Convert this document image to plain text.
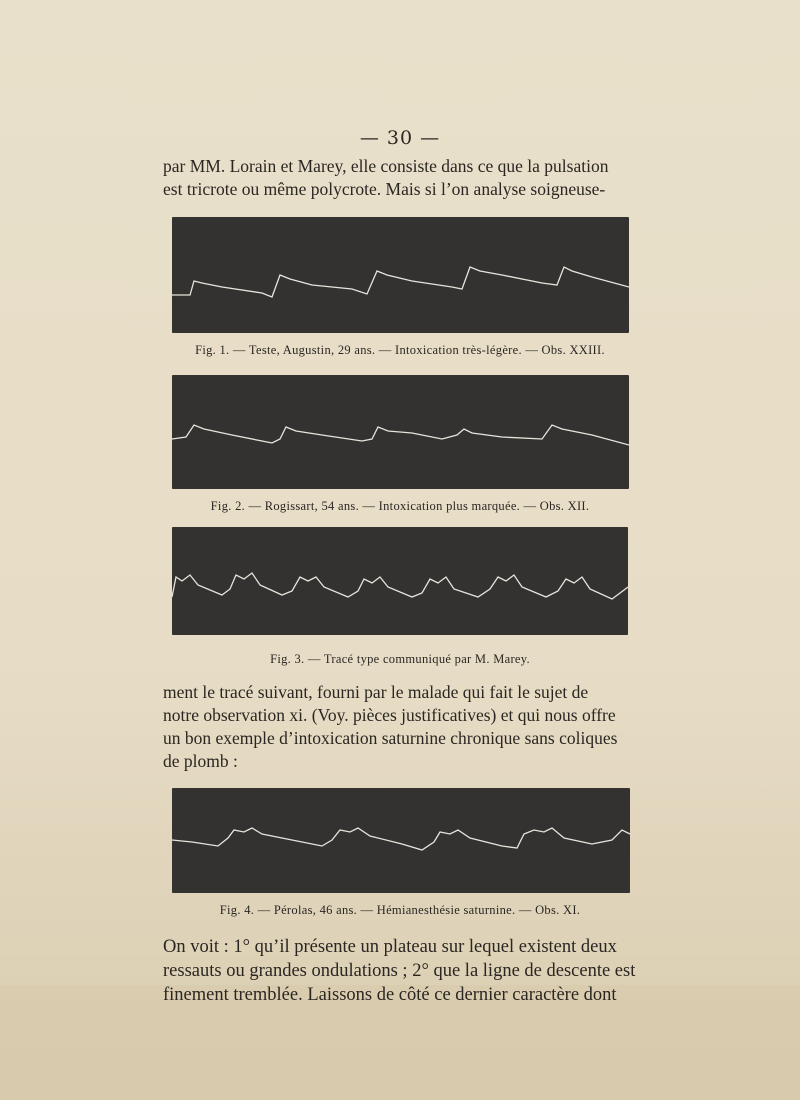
— 30 —

par MM. Lorain et Marey, elle consiste dans ce que la pulsation

est tricrote ou même polycrote. Mais si l’on analyse soigneuse-

Fig. 1. — Teste, Augustin, 29 ans. — Intoxication très-légère. — Obs. XXIII.
Fig. 2. — Rogissart, 54 ans. — Intoxication plus marquée. — Obs. XII.
Fig. 3. — Tracé type communiqué par M. Marey.

ment le tracé suivant, fourni par le malade qui fait le sujet de

notre observation xi. (Voy. pièces justificatives) et qui nous offre

un bon exemple d’intoxication saturnine chronique sans coliques

de plomb :

Fig. 4. — Pérolas, 46 ans. — Hémianesthésie saturnine. — Obs. XI.

On voit : 1° qu’il présente un plateau sur lequel existent deux

ressauts ou grandes ondulations ; 2° que la ligne de descente est

finement tremblée. Laissons de côté ce dernier caractère dont
